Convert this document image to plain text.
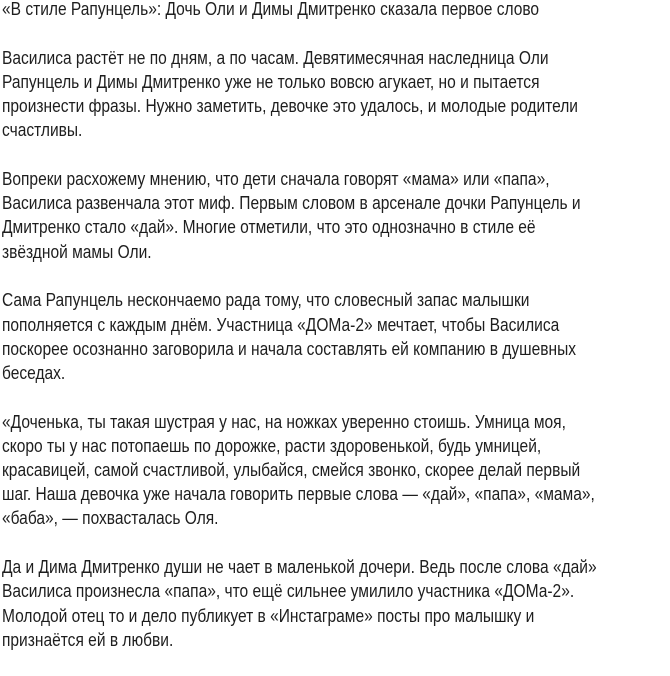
«В стиле Рапунцель»: Дочь Оли и Димы Дмитренко сказала первое слово
Василиса растёт не по дням, а по часам. Девятимесячная наследница Оли
Рапунцель и Димы Дмитренко уже не только вовсю агукает, но и пытается
произнести фразы. Нужно заметить, девочке это удалось, и молодые родители
счастливы.
Вопреки расхожему мнению, что дети сначала говорят «мама» или «папа»,
Василиса развенчала этот миф. Первым словом в арсенале дочки Рапунцель и
Дмитренко стало «дай». Многие отметили, что это однозначно в стиле её
звёздной мамы Оли.
Сама Рапунцель нескончаемо рада тому, что словесный запас малышки
пополняется с каждым днём. Участница «ДОМа-2» мечтает, чтобы Василиса
поскорее осознанно заговорила и начала составлять ей компанию в душевных
беседах.
«Доченька, ты такая шустрая у нас, на ножках уверенно стоишь. Умница моя,
скоро ты у нас потопаешь по дорожке, расти здоровенькой, будь умницей,
красавицей, самой счастливой, улыбайся, смейся звонко, скорее делай первый
шаг. Наша девочка уже начала говорить первые слова — «дай», «папа», «мама»,
«баба», — похвасталась Оля.
Да и Дима Дмитренко души не чает в маленькой дочери. Ведь после слова «дай»
Василиса произнесла «папа», что ещё сильнее умилило участника «ДОМа-2».
Молодой отец то и дело публикует в «Инстаграме» посты про малышку и
признаётся ей в любви.
